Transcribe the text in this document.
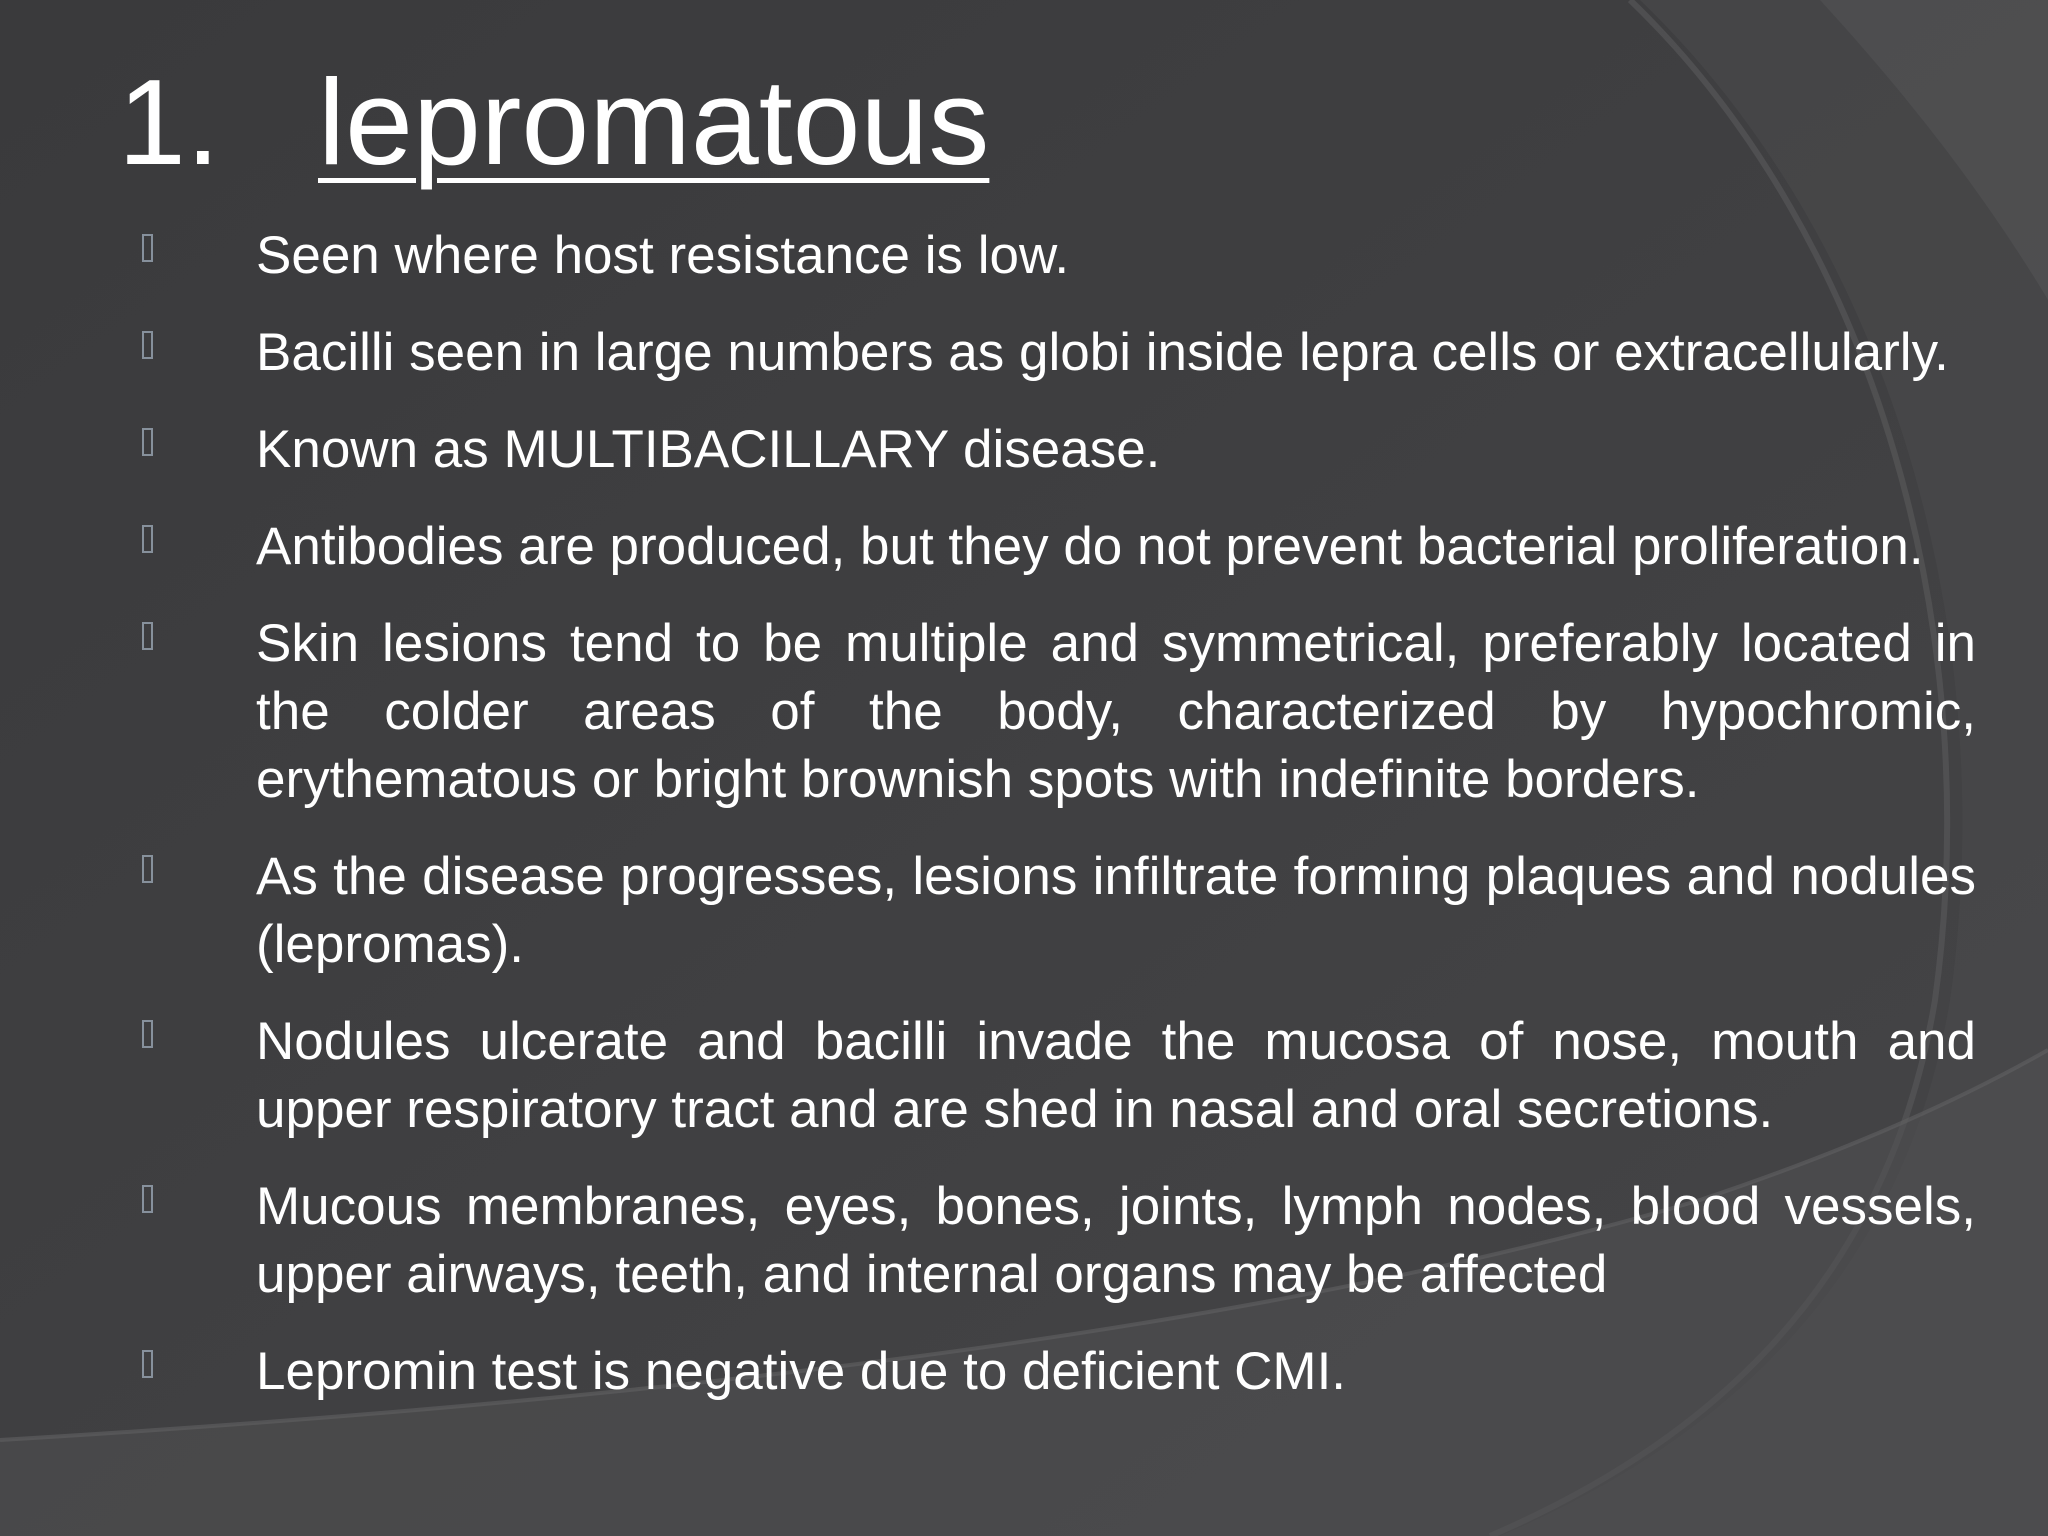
1. lepromatous
Seen where host resistance is low.
Bacilli seen in large numbers as globi inside lepra cells or extracellularly.
Known as MULTIBACILLARY disease.
Antibodies are produced, but they do not prevent bacterial proliferation.
Skin lesions tend to be multiple and symmetrical, preferably located in the colder areas of the body, characterized by hypochromic, erythematous or bright brownish spots with indefinite borders.
As the disease progresses, lesions infiltrate forming plaques and nodules (lepromas).
Nodules ulcerate and bacilli invade the mucosa of nose, mouth and upper respiratory tract and are shed in nasal and oral secretions.
Mucous membranes, eyes, bones, joints, lymph nodes, blood vessels, upper airways, teeth, and internal organs may be affected
Lepromin test is negative due to deficient CMI.
